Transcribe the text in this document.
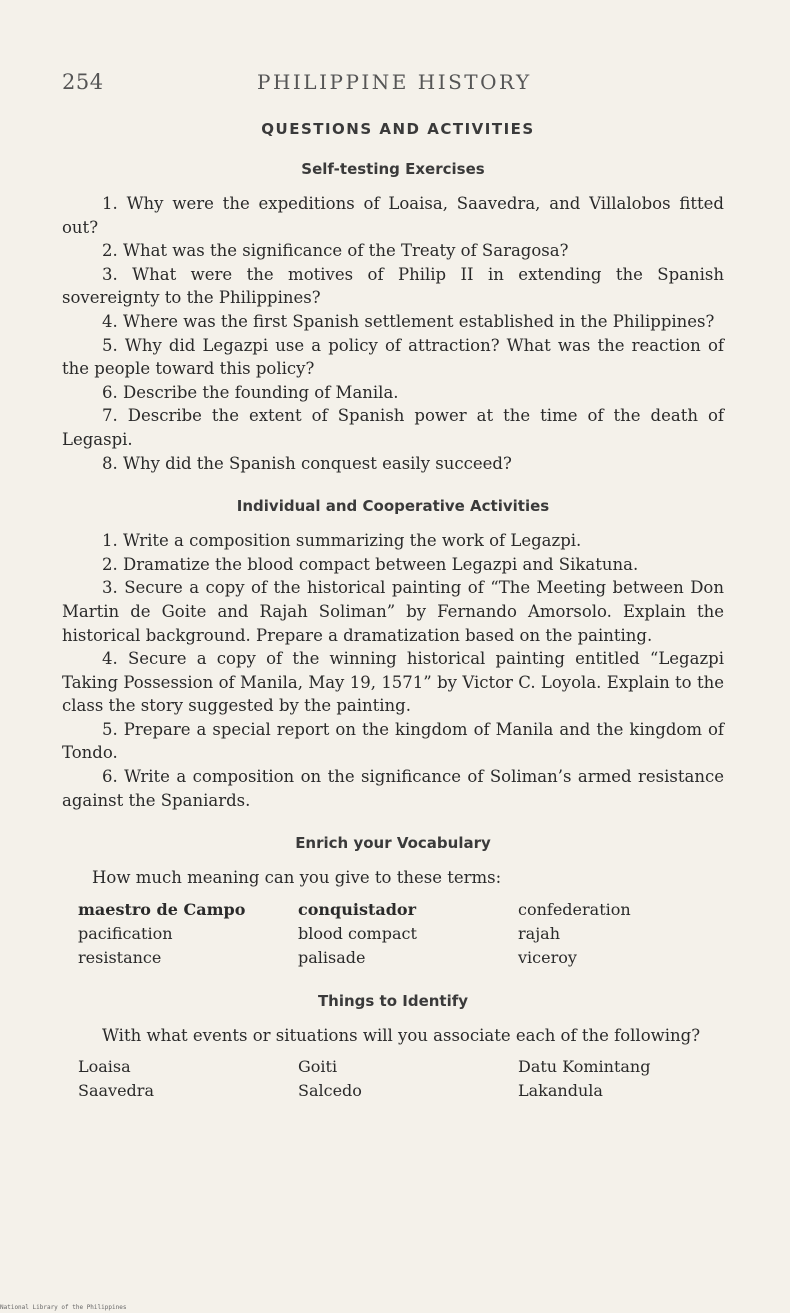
254	PHILIPPINE HISTORY
QUESTIONS AND ACTIVITIES
Self-testing Exercises

1. Why were the expeditions of Loaisa, Saavedra, and Villalobos fitted out?

2. What was the significance of the Treaty of Saragosa?

3. What were the motives of Philip II in extending the Spanish sovereignty to the Philippines?

4. Where was the first Spanish settlement established in the Philippines?

5. Why did Legazpi use a policy of attraction? What was the reaction of the people toward this policy?

6. Describe the founding of Manila.

7. Describe the extent of Spanish power at the time of the death of Legaspi.

8. Why did the Spanish conquest easily succeed?

Individual and Cooperative Activities

1. Write a composition summarizing the work of Legazpi.

2. Dramatize the blood compact between Legazpi and Sikatuna.

3. Secure a copy of the historical painting of “The Meeting between Don Martin de Goite and Rajah Soliman” by Fernando Amorsolo. Explain the historical background. Prepare a dramatization based on the painting.

4. Secure a copy of the winning historical painting entitled “Legazpi Taking Possession of Manila, May 19, 1571” by Victor C. Loyola. Explain to the class the story suggested by the painting.

5. Prepare a special report on the kingdom of Manila and the kingdom of Tondo.

6. Write a composition on the significance of Soliman’s armed resistance against the Spaniards.

Enrich your Vocabulary

How much meaning can you give to these terms:

maestro de Campo	conquistador	confederation
pacification	blood compact	rajah
resistance	palisade	viceroy
Things to Identify

With what events or situations will you associate each of the following?

Loaisa	Goiti	Datu Komintang
Saavedra	Salcedo	Lakandula
National Library of the Philippines
